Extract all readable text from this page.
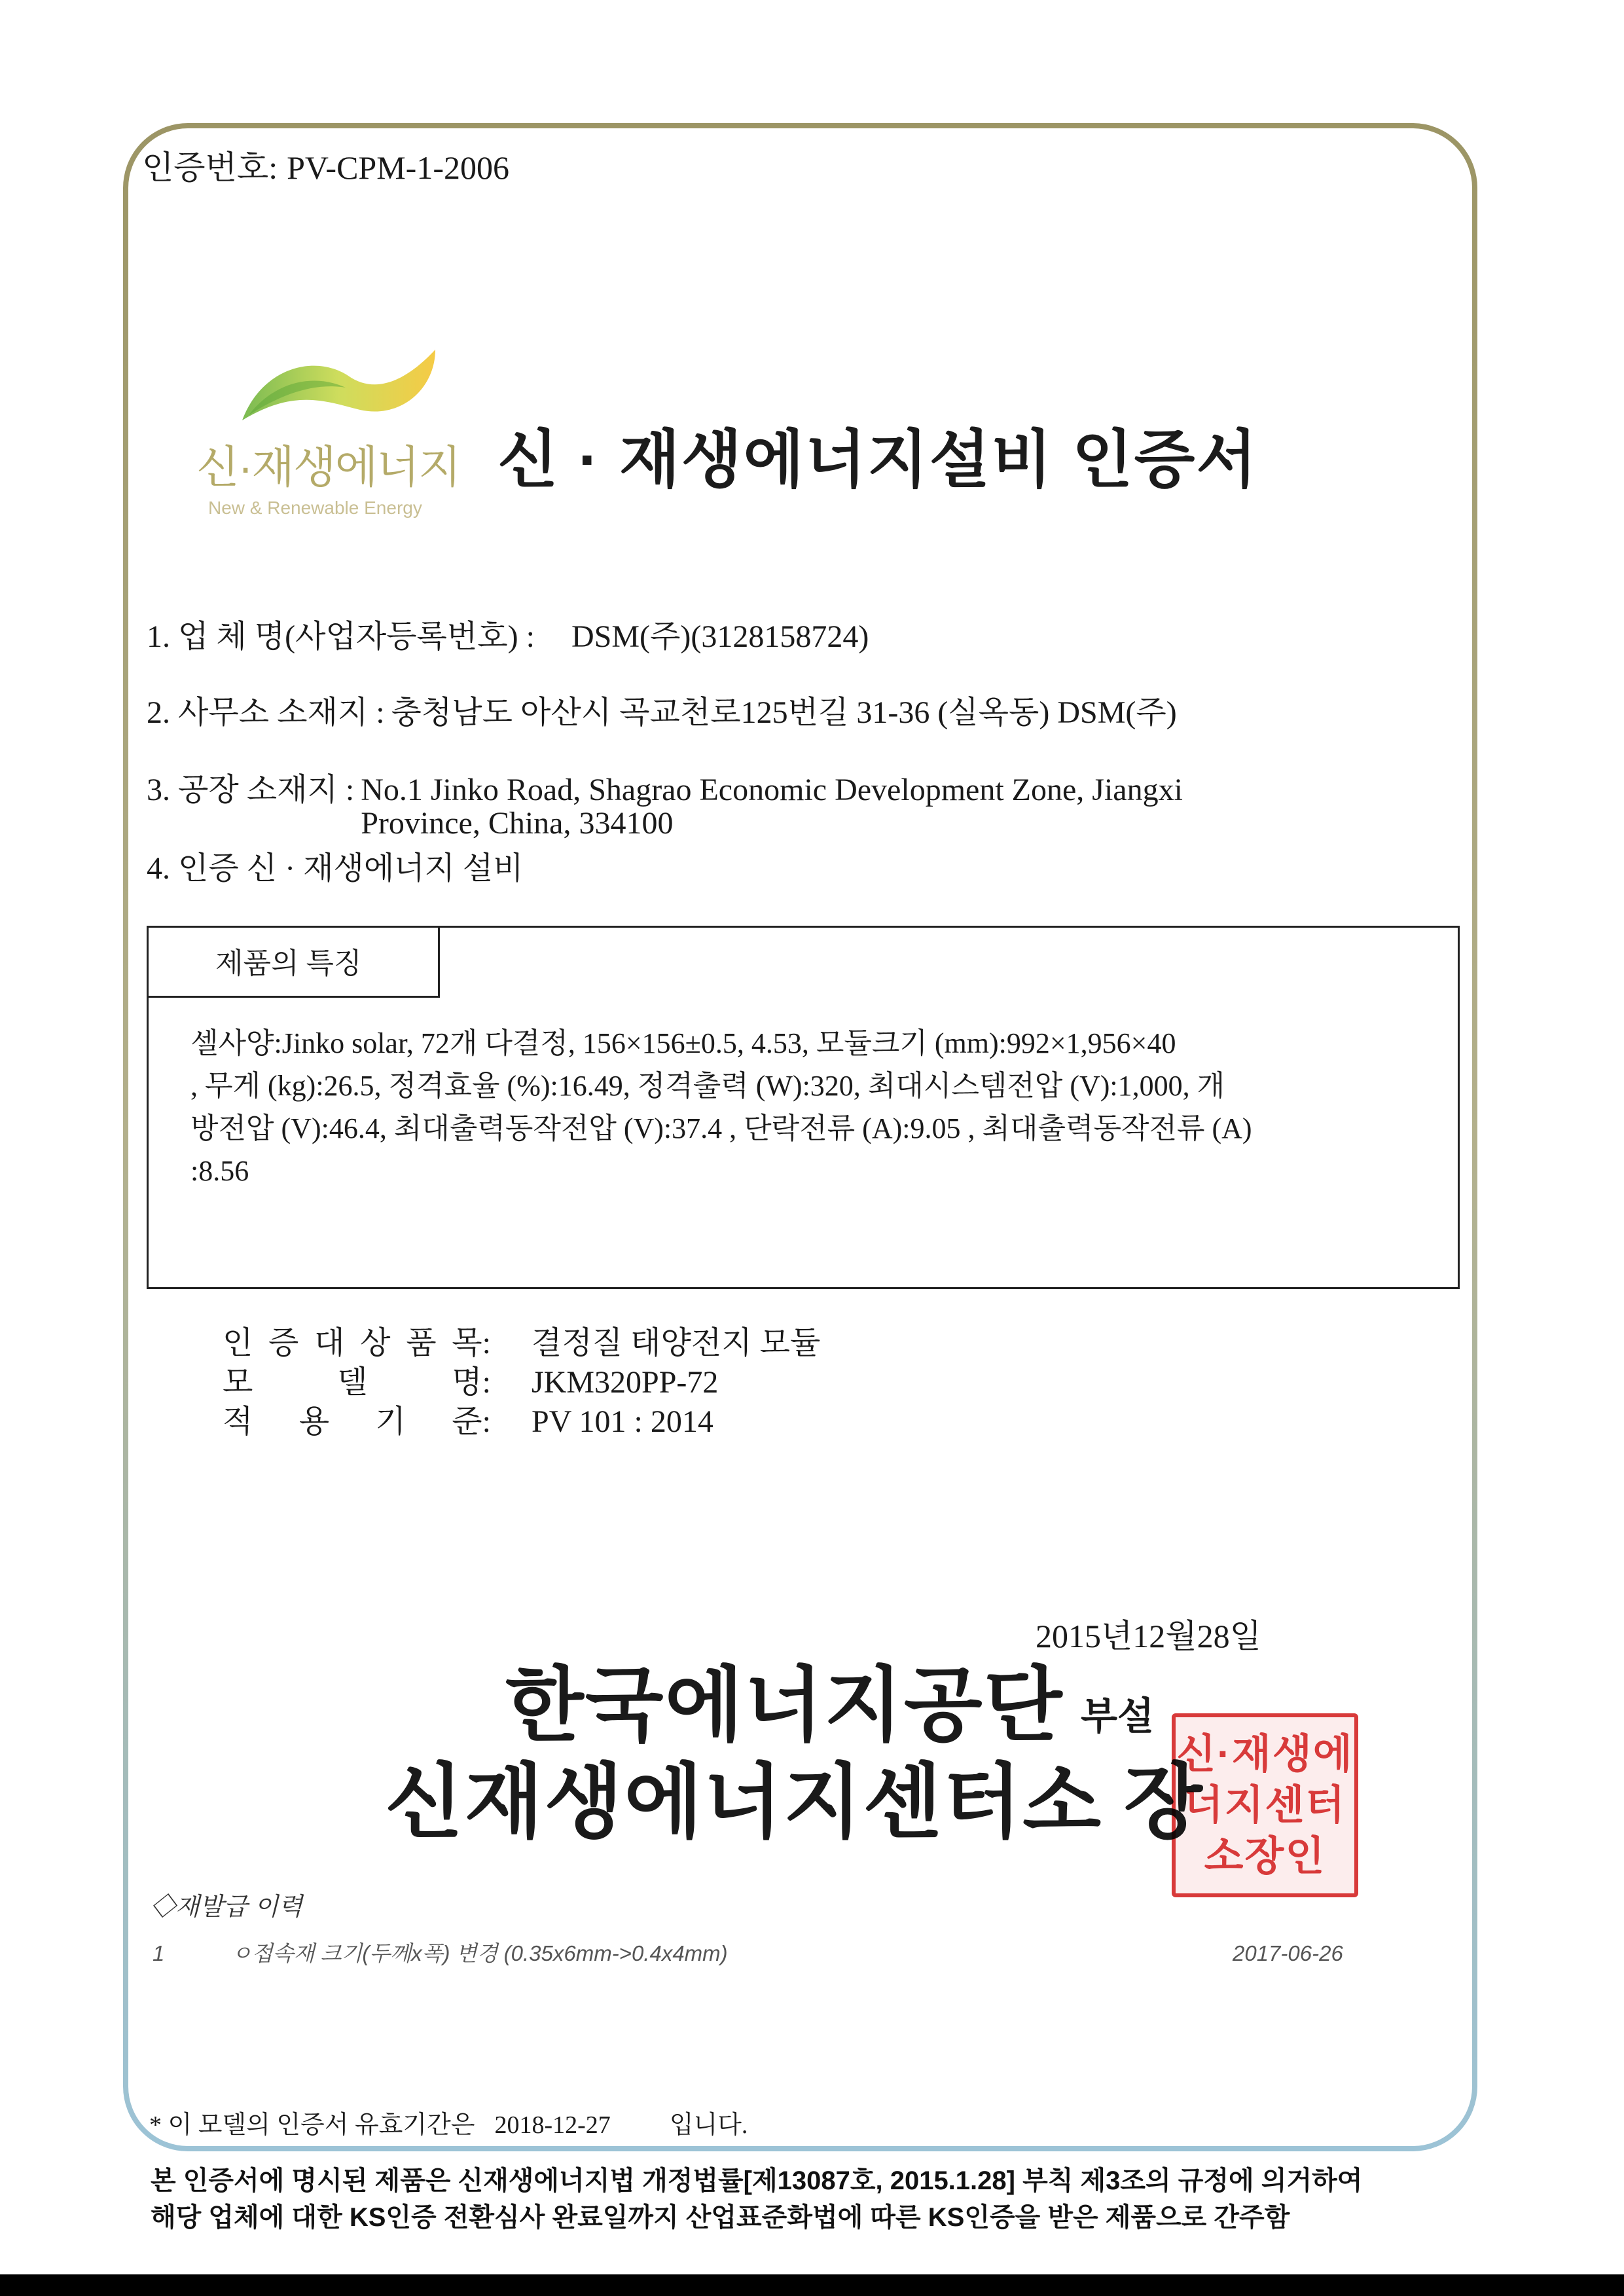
인증번호: PV-CPM-1-2006
신·재생에너지
New & Renewable Energy
신 · 재생에너지설비 인증서
1. 업 체 명(사업자등록번호) : DSM(주)(3128158724)
2. 사무소 소재지 : 충청남도 아산시 곡교천로125번길 31-36 (실옥동) DSM(주)
3. 공장 소재지 : No.1 Jinko Road, Shagrao Economic Development Zone, Jiangxi
Province, China, 334100
4. 인증 신 · 재생에너지 설비
제품의 특징
셀사양:Jinko solar, 72개 다결정, 156×156±0.5, 4.53, 모듈크기 (mm):992×1,956×40
, 무게 (kg):26.5, 정격효율 (%):16.49, 정격출력 (W):320, 최대시스템전압 (V):1,000, 개
방전압 (V):46.4, 최대출력동작전압 (V):37.4 , 단락전류 (A):9.05 , 최대출력동작전류 (A)
:8.56
인 증 대 상 품 목: 결정질 태양전지 모듈
모 델 명: JKM320PP-72
적 용 기 준: PV 101 : 2014
2015년12월28일
한국에너지공단 부설
신재생에너지센터소 장
신·재생에
너지센터
소장인
◇재발급 이력
1	ㅇ접속재 크기(두께x폭) 변경 (0.35x6mm->0.4x4mm)	2017-06-26
* 이 모델의 인증서 유효기간은 2018-12-27 입니다.
본 인증서에 명시된 제품은 신재생에너지법 개정법률[제13087호, 2015.1.28] 부칙 제3조의 규정에 의거하여
해당 업체에 대한 KS인증 전환심사 완료일까지 산업표준화법에 따른 KS인증을 받은 제품으로 간주함
